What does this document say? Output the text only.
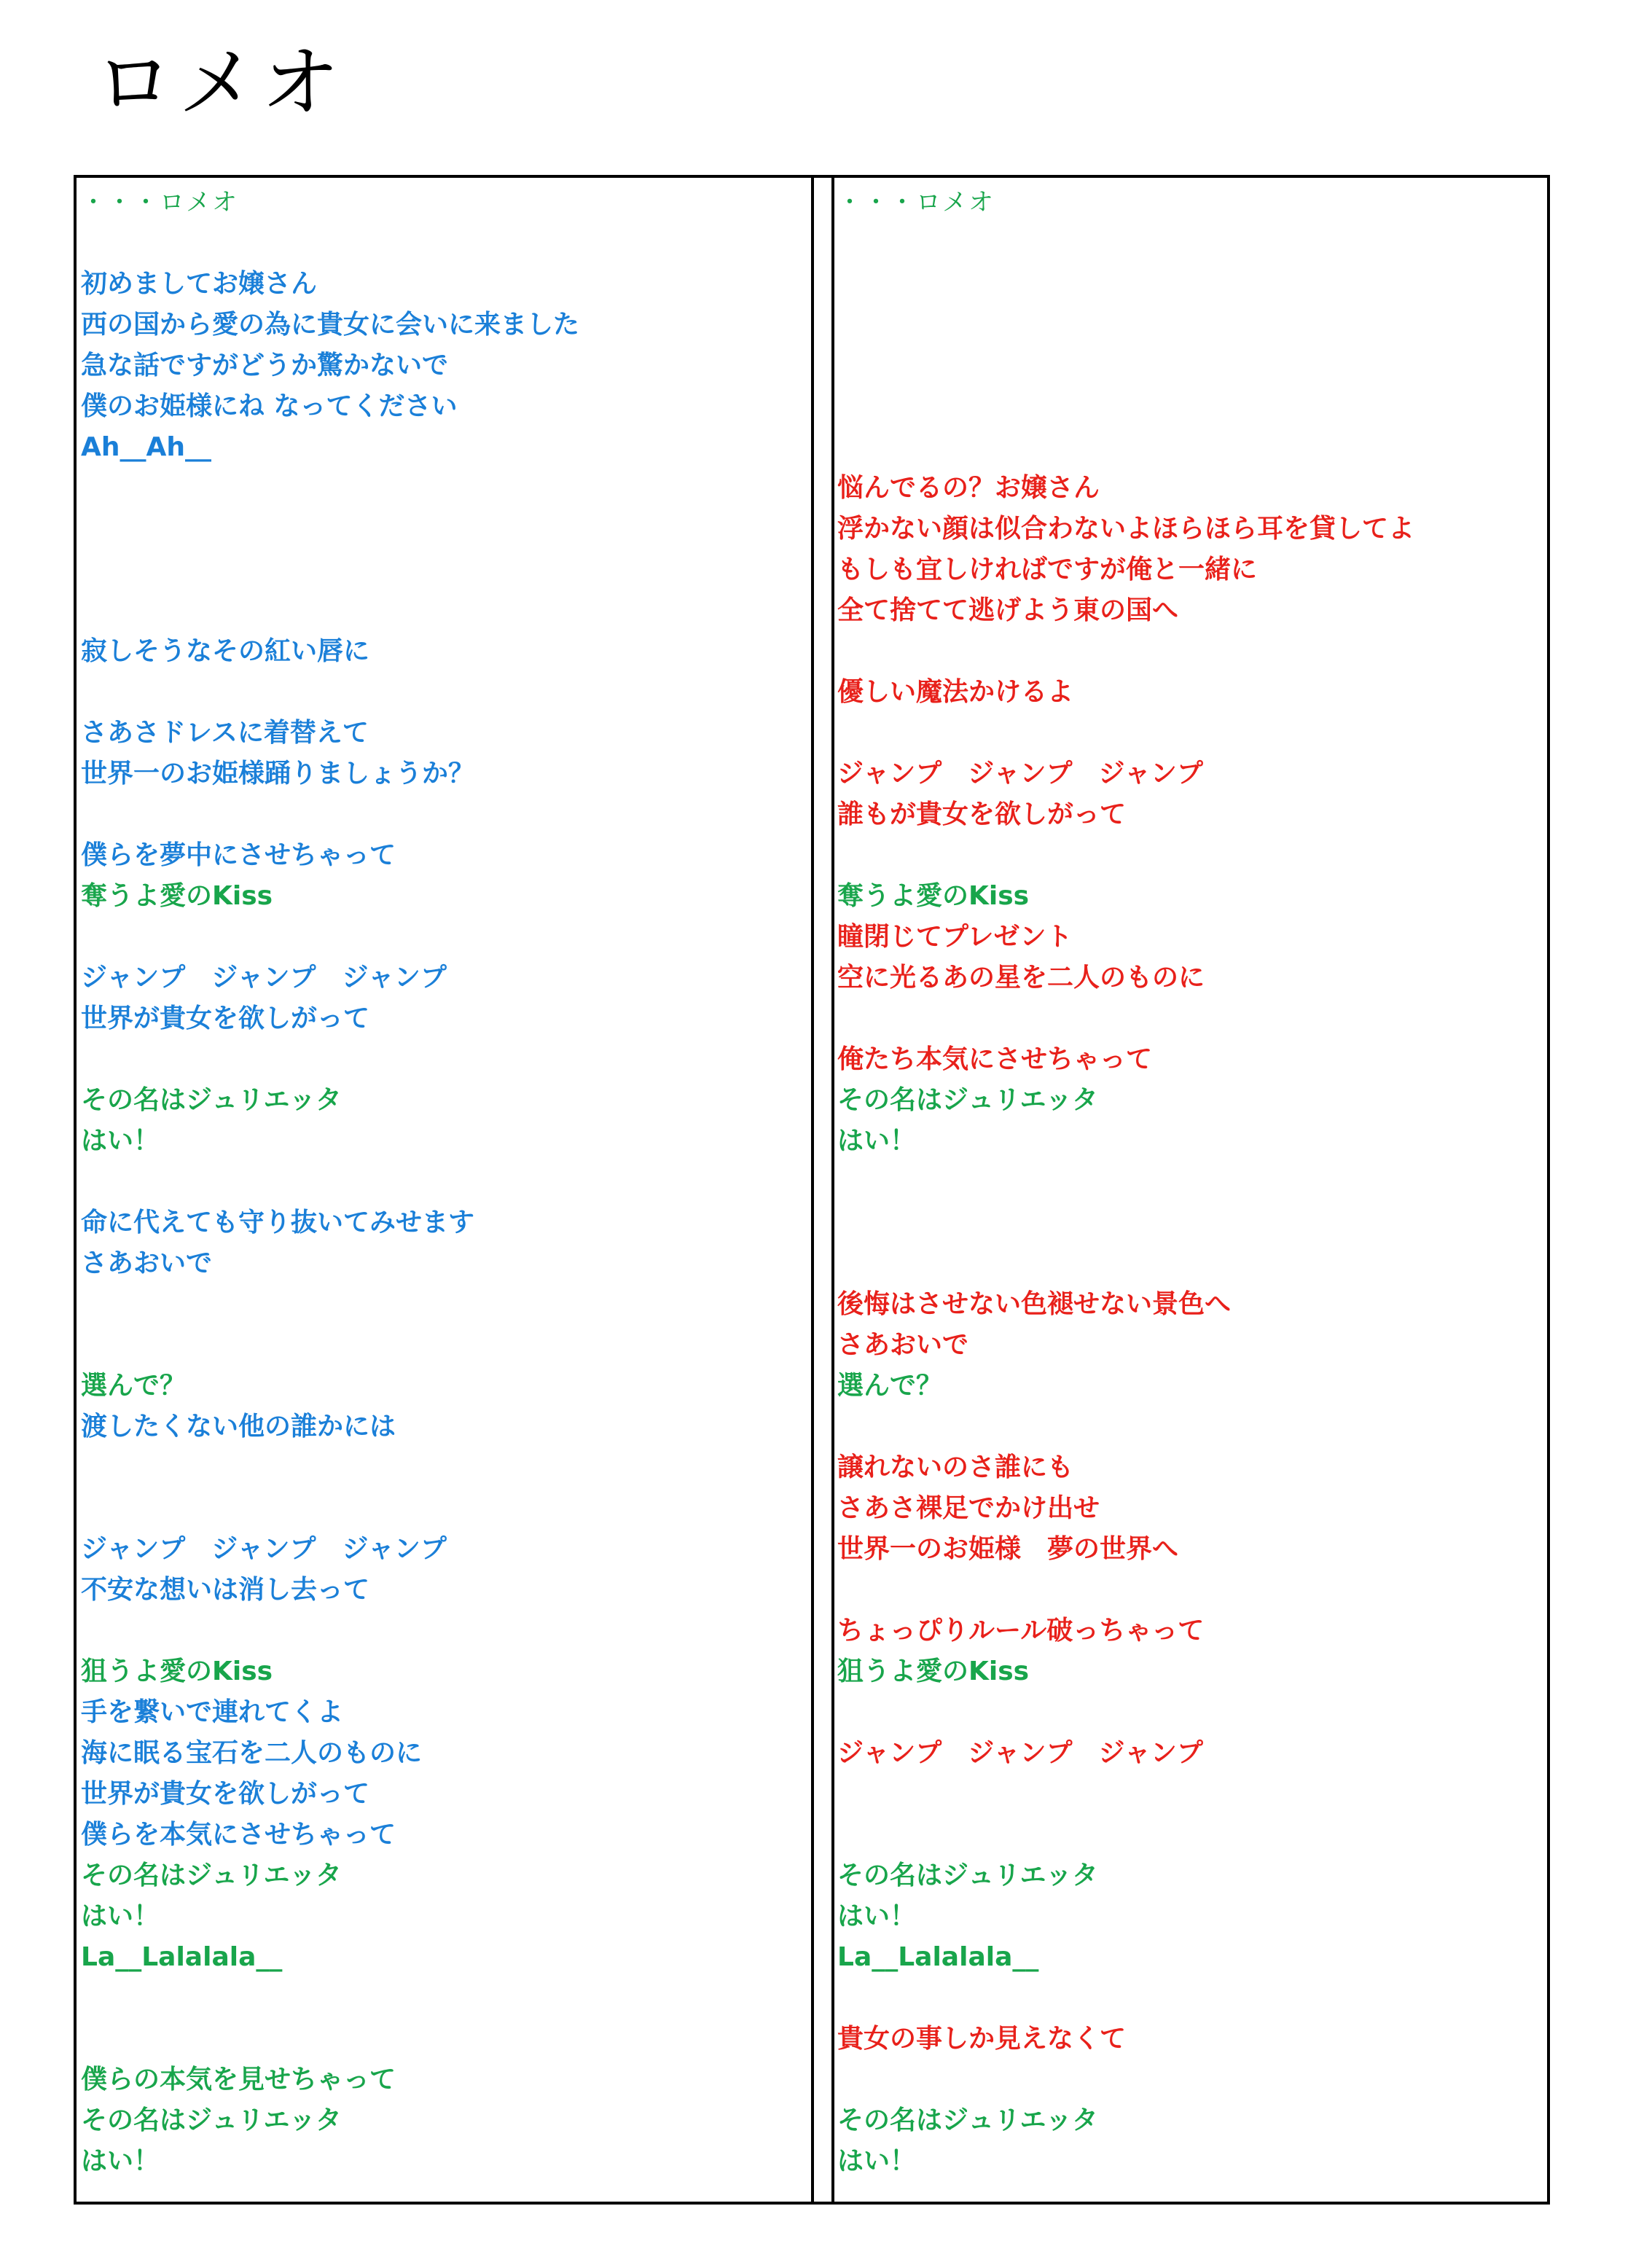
ロメオ
・・・ロメオ
初めましてお嬢さん
西の国から愛の為に貴女に会いに来ました
急な話ですがどうか驚かないで
僕のお姫様にね なってください
Ah__Ah__
寂しそうなその紅い唇に
さあさドレスに着替えて
世界一のお姫様踊りましょうか？
僕らを夢中にさせちゃって
奪うよ愛のKiss
ジャンプ　ジャンプ　ジャンプ
世界が貴女を欲しがって
その名はジュリエッタ
はい！
命に代えても守り抜いてみせます
さあおいで
選んで？
渡したくない他の誰かには
ジャンプ　ジャンプ　ジャンプ
不安な想いは消し去って
狙うよ愛のKiss
手を繋いで連れてくよ
海に眠る宝石を二人のものに
世界が貴女を欲しがって
僕らを本気にさせちゃって
その名はジュリエッタ
はい！
La__Lalalala__
僕らの本気を見せちゃって
その名はジュリエッタ
はい！
・・・ロメオ
悩んでるの？お嬢さん
浮かない顔は似合わないよほらほら耳を貸してよ
もしも宜しければですが俺と一緒に
全て捨てて逃げよう東の国へ
優しい魔法かけるよ
ジャンプ　ジャンプ　ジャンプ
誰もが貴女を欲しがって
奪うよ愛のKiss
瞳閉じてプレゼント
空に光るあの星を二人のものに
俺たち本気にさせちゃって
その名はジュリエッタ
はい！
後悔はさせない色褪せない景色へ
さあおいで
選んで？
譲れないのさ誰にも
さあさ裸足でかけ出せ
世界一のお姫様　夢の世界へ
ちょっぴりルール破っちゃって
狙うよ愛のKiss
ジャンプ　ジャンプ　ジャンプ
その名はジュリエッタ
はい！
La__Lalalala__
貴女の事しか見えなくて
その名はジュリエッタ
はい！
